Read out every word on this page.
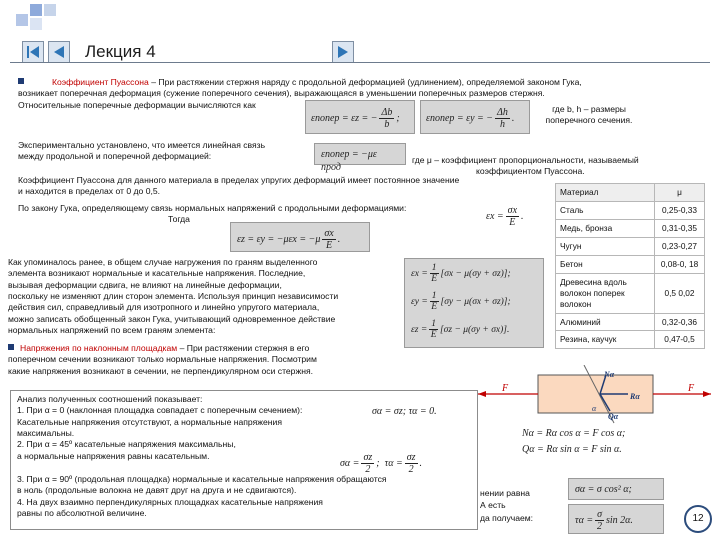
Лекция 4
Коэффициент Пуассона – При растяжении стержня наряду с продольной деформацией (удлинением), определяемой законом Гука,
возникает поперечная деформация (сужение поперечного сечения), выражающаяся в уменьшении поперечных размеров стержня.
Относительные поперечные деформации вычисляются как
εпопер = εz = − $\frac{\Delta b}{b}$ ;	εпопер = εy = − $\frac{\Delta h}{h}$ .
где b, h – размеры поперечного сечения.
Экспериментально установлено, что имеется линейная связь
между продольной и поперечной деформацией:	εпопер = −με прод
где μ – коэффициент пропорциональности, называемый
коэффициентом Пуассона.
Коэффициент Пуассона для данного материала в пределах упругих деформаций имеет постоянное значение
и находится в пределах от 0 до 0,5.
По закону Гука, определяющему связь нормальных напряжений с продольными деформациями:
Тогда	$\varepsilon x = \frac{\sigma x}{E}$ .
$\varepsilon z = \varepsilon y = -\mu\varepsilon x = -\mu \frac{\sigma x}{E}$ .
Материал	μ
Сталь	0,25-0,33
Медь, бронза	0,31-0,35
Чугун	0,23-0,27
Бетон	0,08-0, 18
Древесина вдоль волокон поперек волокон	0,5 0,02
Алюминий	0,32-0,36
Резина, каучук	0,47-0,5
Как упоминалось ранее, в общем случае нагружения по граням выделенного
элемента возникают нормальные и касательные напряжения. Последние,
вызывая деформации сдвига, не влияют на линейные деформации,
поскольку не изменяют длин сторон элемента. Используя принцип независимости
действия сил, справедливый для изотропного и линейно упругого материала,
можно записать обобщенный закон Гука, учитывающий одновременное действие
нормальных напряжений по всем граням элемента:
$\varepsilon x = \frac{1}{E} [\sigma x - \mu(\sigma y + \sigma z)]$;
$\varepsilon y = \frac{1}{E} [\sigma y - \mu(\sigma x + \sigma z)]$;
$\varepsilon z = \frac{1}{E} [\sigma z - \mu(\sigma y + \sigma x)]$.
Напряжения по наклонным площадкам – При растяжении стержня в его
поперечном сечении возникают только нормальные напряжения. Посмотрим
какие напряжения возникают в сечении, не перпендикулярном оси стержня.
F	F
Nα
Rα
Qα
α
Nα = Rα cos α = F cos α;
Qα = Rα sin α = F sin α.
Анализ полученных соотношений показывает:
1. При α = 0 (наклонная площадка совпадает с поперечным сечением):
Касательные напряжения отсутствуют, а нормальные напряжения
максимальны.
2. При α = 45º касательные напряжения максимальны,
а нормальные напряжения равны касательным.
3. При α = 90º (продольная площадка) нормальные и касательные напряжения обращаются
в ноль (продольные волокна не давят друг на друга и не сдвигаются).
4. На двух взаимно перпендикулярных площадках касательные напряжения
равны по абсолютной величине.
σα = σz; τα = 0.
$\sigma\alpha = \frac{\sigma z}{2}$ ;  $\tau\alpha = \frac{\sigma z}{2}$ .
нении равна
А есть
да получаем:
σα = σ cos² α;
$\tau\alpha = \frac{\sigma}{2}$ sin 2α.	12
